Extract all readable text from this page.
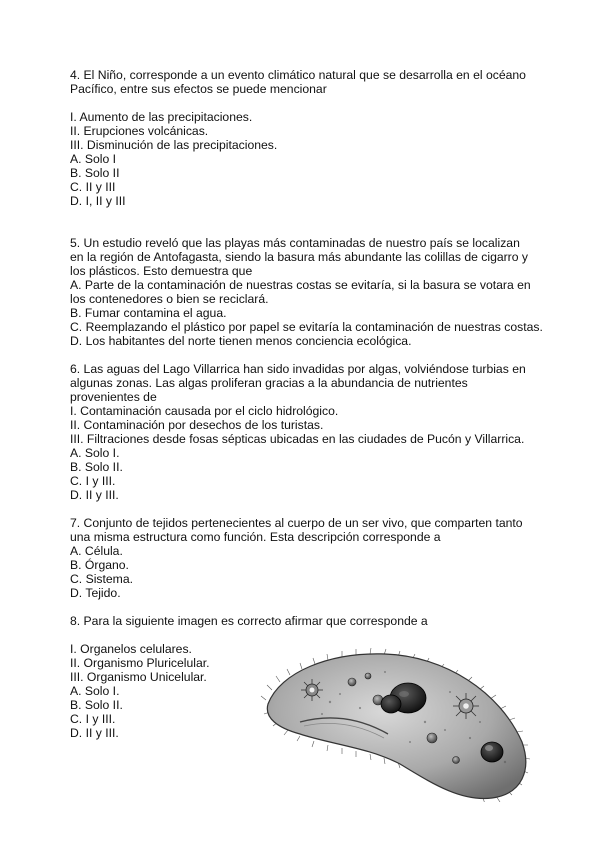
4. El Niño, corresponde a un evento climático natural que se desarrolla en el océano Pacífico, entre sus efectos se puede mencionar
I. Aumento de las precipitaciones.
II. Erupciones volcánicas.
III. Disminución de las precipitaciones.
A. Solo I
B. Solo II
C. II y III
D. I, II y III
5. Un estudio reveló que las playas más contaminadas de nuestro país se localizan en la región de Antofagasta, siendo la basura más abundante las colillas de cigarro y los plásticos. Esto demuestra que
A. Parte de la contaminación de nuestras costas se evitaría, si la basura se votara en los contenedores o bien se reciclará.
B. Fumar contamina el agua.
C. Reemplazando el plástico por papel se evitaría la contaminación de nuestras costas.
D. Los habitantes del norte tienen menos conciencia ecológica.
6. Las aguas del Lago Villarrica han sido invadidas por algas, volviéndose turbias en algunas zonas. Las algas proliferan gracias a la abundancia de nutrientes provenientes de
I. Contaminación causada por el ciclo hidrológico.
II. Contaminación por desechos de los turistas.
III. Filtraciones desde fosas sépticas ubicadas en las ciudades de Pucón y Villarrica.
A. Solo I.
B. Solo II.
C. I y III.
D. II y III.
7. Conjunto de tejidos pertenecientes al cuerpo de un ser vivo, que comparten tanto una misma estructura como función. Esta descripción corresponde a
A. Célula.
B. Órgano.
C. Sistema.
D. Tejido.
8. Para la siguiente imagen es correcto afirmar que corresponde a
I. Organelos celulares.
II. Organismo Pluricelular.
III. Organismo Unicelular.
A. Solo I.
B. Solo II.
C. I y III.
D. II y III.
